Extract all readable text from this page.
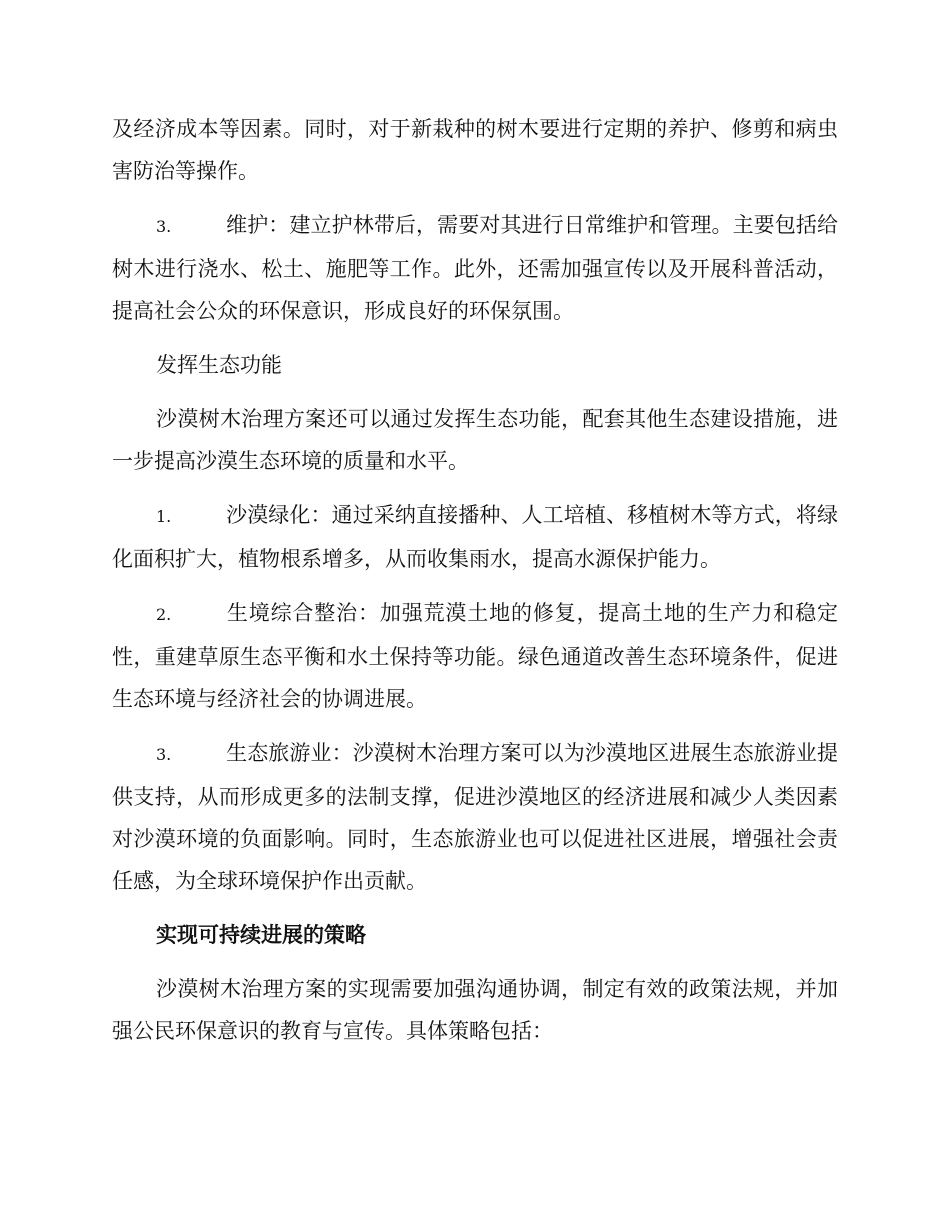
及经济成本等因素。同时，对于新栽种的树木要进行定期的养护、修剪和病虫害防治等操作。

3.	维护：建立护林带后，需要对其进行日常维护和管理。主要包括给树木进行浇水、松土、施肥等工作。此外，还需加强宣传以及开展科普活动，提高社会公众的环保意识，形成良好的环保氛围。

发挥生态功能

沙漠树木治理方案还可以通过发挥生态功能，配套其他生态建设措施，进一步提高沙漠生态环境的质量和水平。

1.	沙漠绿化：通过采纳直接播种、人工培植、移植树木等方式，将绿化面积扩大，植物根系增多，从而收集雨水，提高水源保护能力。

2.	生境综合整治：加强荒漠土地的修复，提高土地的生产力和稳定性，重建草原生态平衡和水土保持等功能。绿色通道改善生态环境条件，促进生态环境与经济社会的协调进展。

3.	生态旅游业：沙漠树木治理方案可以为沙漠地区进展生态旅游业提供支持，从而形成更多的法制支撑，促进沙漠地区的经济进展和减少人类因素对沙漠环境的负面影响。同时，生态旅游业也可以促进社区进展，增强社会责任感，为全球环境保护作出贡献。

实现可持续进展的策略

沙漠树木治理方案的实现需要加强沟通协调，制定有效的政策法规，并加强公民环保意识的教育与宣传。具体策略包括：
